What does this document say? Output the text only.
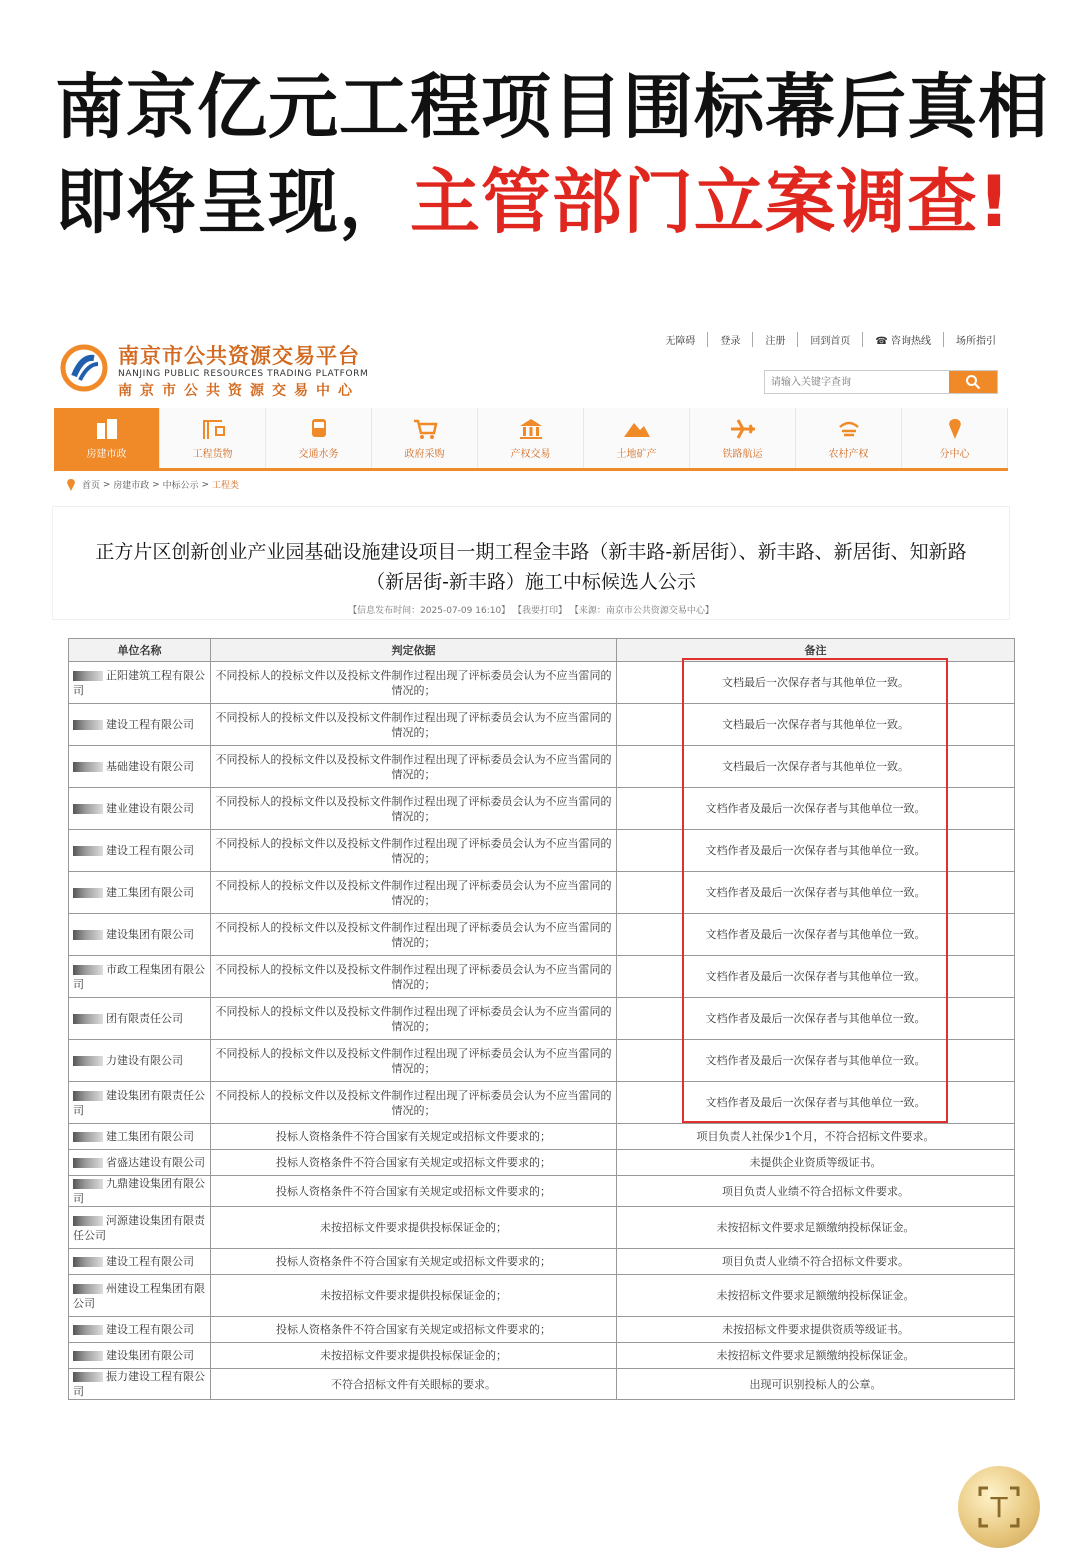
南京亿元工程项目围标幕后真相
即将呈现，主管部门立案调查!
南京市公共资源交易平台
NANJING PUBLIC RESOURCES TRADING PLATFORM
南京市公共资源交易中心
无障碍	登录	注册	回到首页	☎ 咨询热线	场所指引
请输入关键字查询
房建市政	工程货物	交通水务	政府采购	产权交易	土地矿产	铁路航运	农村产权	分中心
首页 > 房建市政 > 中标公示 > 工程类
正方片区创新创业产业园基础设施建设项目一期工程金丰路（新丰路-新居街）、新丰路、新居街、知新路（新居街-新丰路）施工中标候选人公示
【信息发布时间：2025-07-09 16:10】 【我要打印】 【来源：南京市公共资源交易中心】
单位名称	判定依据	备注
正阳建筑工程有限公司	不同投标人的投标文件以及投标文件制作过程出现了评标委员会认为不应当雷同的情况的；	文档最后一次保存者与其他单位一致。
建设工程有限公司	不同投标人的投标文件以及投标文件制作过程出现了评标委员会认为不应当雷同的情况的；	文档最后一次保存者与其他单位一致。
基础建设有限公司	不同投标人的投标文件以及投标文件制作过程出现了评标委员会认为不应当雷同的情况的；	文档最后一次保存者与其他单位一致。
建业建设有限公司	不同投标人的投标文件以及投标文件制作过程出现了评标委员会认为不应当雷同的情况的；	文档作者及最后一次保存者与其他单位一致。
建设工程有限公司	不同投标人的投标文件以及投标文件制作过程出现了评标委员会认为不应当雷同的情况的；	文档作者及最后一次保存者与其他单位一致。
建工集团有限公司	不同投标人的投标文件以及投标文件制作过程出现了评标委员会认为不应当雷同的情况的；	文档作者及最后一次保存者与其他单位一致。
建设集团有限公司	不同投标人的投标文件以及投标文件制作过程出现了评标委员会认为不应当雷同的情况的；	文档作者及最后一次保存者与其他单位一致。
市政工程集团有限公司	不同投标人的投标文件以及投标文件制作过程出现了评标委员会认为不应当雷同的情况的；	文档作者及最后一次保存者与其他单位一致。
团有限责任公司	不同投标人的投标文件以及投标文件制作过程出现了评标委员会认为不应当雷同的情况的；	文档作者及最后一次保存者与其他单位一致。
力建设有限公司	不同投标人的投标文件以及投标文件制作过程出现了评标委员会认为不应当雷同的情况的；	文档作者及最后一次保存者与其他单位一致。
建设集团有限责任公司	不同投标人的投标文件以及投标文件制作过程出现了评标委员会认为不应当雷同的情况的；	文档作者及最后一次保存者与其他单位一致。
建工集团有限公司	投标人资格条件不符合国家有关规定或招标文件要求的；	项目负责人社保少1个月，不符合招标文件要求。
省盛达建设有限公司	投标人资格条件不符合国家有关规定或招标文件要求的；	未提供企业资质等级证书。
九鼎建设集团有限公司	投标人资格条件不符合国家有关规定或招标文件要求的；	项目负责人业绩不符合招标文件要求。
河源建设集团有限责任公司	未按招标文件要求提供投标保证金的；	未按招标文件要求足额缴纳投标保证金。
建设工程有限公司	投标人资格条件不符合国家有关规定或招标文件要求的；	项目负责人业绩不符合招标文件要求。
州建设工程集团有限公司	未按招标文件要求提供投标保证金的；	未按招标文件要求足额缴纳投标保证金。
建设工程有限公司	投标人资格条件不符合国家有关规定或招标文件要求的；	未按招标文件要求提供资质等级证书。
建设集团有限公司	未按招标文件要求提供投标保证金的；	未按招标文件要求足额缴纳投标保证金。
振力建设工程有限公司	不符合招标文件有关眼标的要求。	出现可识别投标人的公章。
T
